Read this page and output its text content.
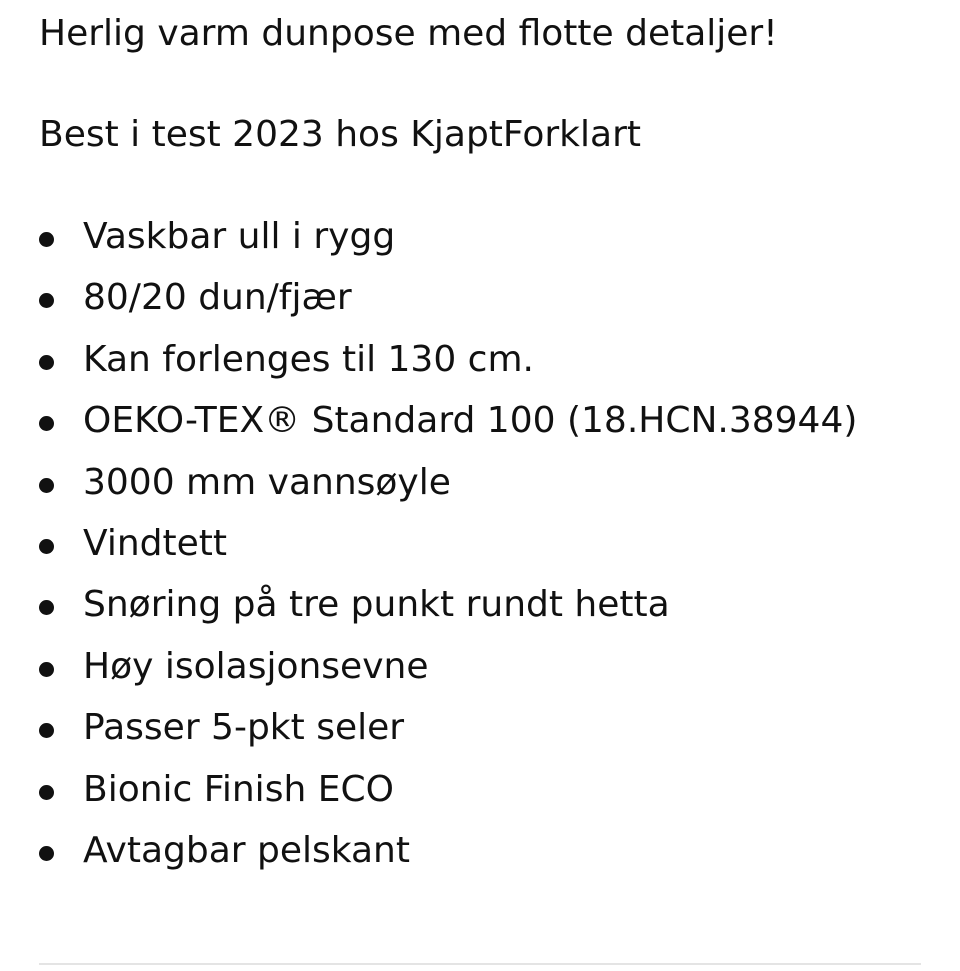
Herlig varm dunpose med flotte detaljer!

Best i test 2023 hos KjaptForklart

Vaskbar ull i rygg
80/20 dun/fjær
Kan forlenges til 130 cm.
OEKO-TEX® Standard 100 (18.HCN.38944)
3000 mm vannsøyle
Vindtett
Snøring på tre punkt rundt hetta
Høy isolasjonsevne
Passer 5-pkt seler
Bionic Finish ECO
Avtagbar pelskant
